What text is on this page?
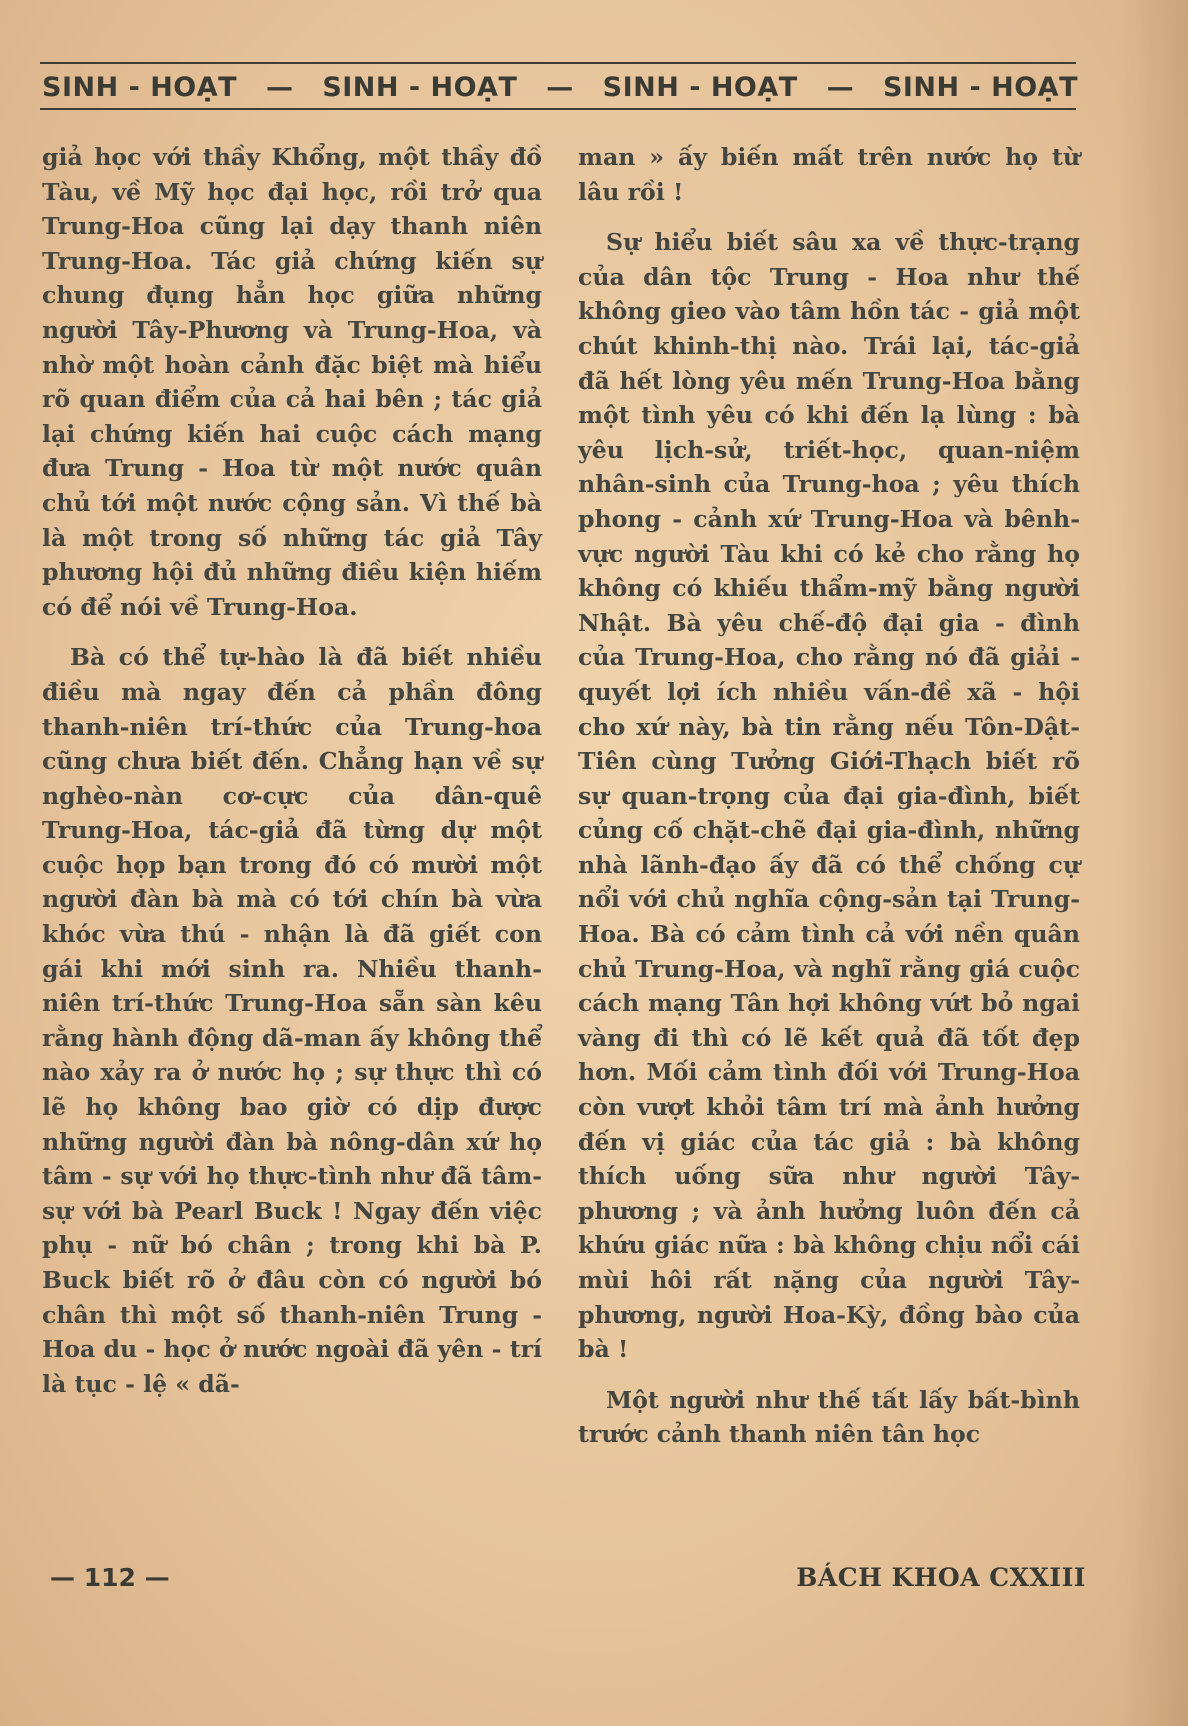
SINH - HOẠT — SINH - HOẠT — SINH - HOẠT — SINH - HOẠT

giả học với thầy Khổng, một thầy đồ Tàu, về Mỹ học đại học, rồi trở qua Trung-Hoa cũng lại dạy thanh niên Trung-Hoa. Tác giả chứng kiến sự chung đụng hẳn học giữa những người Tây-Phương và Trung-Hoa, và nhờ một hoàn cảnh đặc biệt mà hiểu rõ quan điểm của cả hai bên ; tác giả lại chứng kiến hai cuộc cách mạng đưa Trung - Hoa từ một nước quân chủ tới một nước cộng sản. Vì thế bà là một trong số những tác giả Tây phương hội đủ những điều kiện hiếm có để nói về Trung-Hoa.

Bà có thể tự-hào là đã biết nhiều điều mà ngay đến cả phần đông thanh-niên trí-thức của Trung-hoa cũng chưa biết đến. Chẳng hạn về sự nghèo-nàn cơ-cực của dân-quê Trung-Hoa, tác-giả đã từng dự một cuộc họp bạn trong đó có mười một người đàn bà mà có tới chín bà vừa khóc vừa thú - nhận là đã giết con gái khi mới sinh ra. Nhiều thanh-niên trí-thức Trung-Hoa sẵn sàn kêu rằng hành động dã-man ấy không thể nào xảy ra ở nước họ ; sự thực thì có lẽ họ không bao giờ có dịp được những người đàn bà nông-dân xứ họ tâm - sự với họ thực-tình như đã tâm-sự với bà Pearl Buck ! Ngay đến việc phụ - nữ bó chân ; trong khi bà P. Buck biết rõ ở đâu còn có người bó chân thì một số thanh-niên Trung - Hoa du - học ở nước ngoài đã yên - trí là tục - lệ « dã-

man » ấy biến mất trên nước họ từ lâu rồi !

Sự hiểu biết sâu xa về thực-trạng của dân tộc Trung - Hoa như thế không gieo vào tâm hồn tác - giả một chút khinh-thị nào. Trái lại, tác-giả đã hết lòng yêu mến Trung-Hoa bằng một tình yêu có khi đến lạ lùng : bà yêu lịch-sử, triết-học, quan-niệm nhân-sinh của Trung-hoa ; yêu thích phong - cảnh xứ Trung-Hoa và bênh-vực người Tàu khi có kẻ cho rằng họ không có khiếu thẩm-mỹ bằng người Nhật. Bà yêu chế-độ đại gia - đình của Trung-Hoa, cho rằng nó đã giải - quyết lợi ích nhiều vấn-đề xã - hội cho xứ này, bà tin rằng nếu Tôn-Dật-Tiên cùng Tưởng Giới-Thạch biết rõ sự quan-trọng của đại gia-đình, biết củng cố chặt-chẽ đại gia-đình, những nhà lãnh-đạo ấy đã có thể chống cự nổi với chủ nghĩa cộng-sản tại Trung-Hoa. Bà có cảm tình cả với nền quân chủ Trung-Hoa, và nghĩ rằng giá cuộc cách mạng Tân hợi không vứt bỏ ngai vàng đi thì có lẽ kết quả đã tốt đẹp hơn. Mối cảm tình đối với Trung-Hoa còn vượt khỏi tâm trí mà ảnh hưởng đến vị giác của tác giả : bà không thích uống sữa như người Tây-phương ; và ảnh hưởng luôn đến cả khứu giác nữa : bà không chịu nổi cái mùi hôi rất nặng của người Tây-phương, người Hoa-Kỳ, đồng bào của bà !

Một người như thế tất lấy bất-bình trước cảnh thanh niên tân học

— 112 —	BÁCH KHOA CXXIII
